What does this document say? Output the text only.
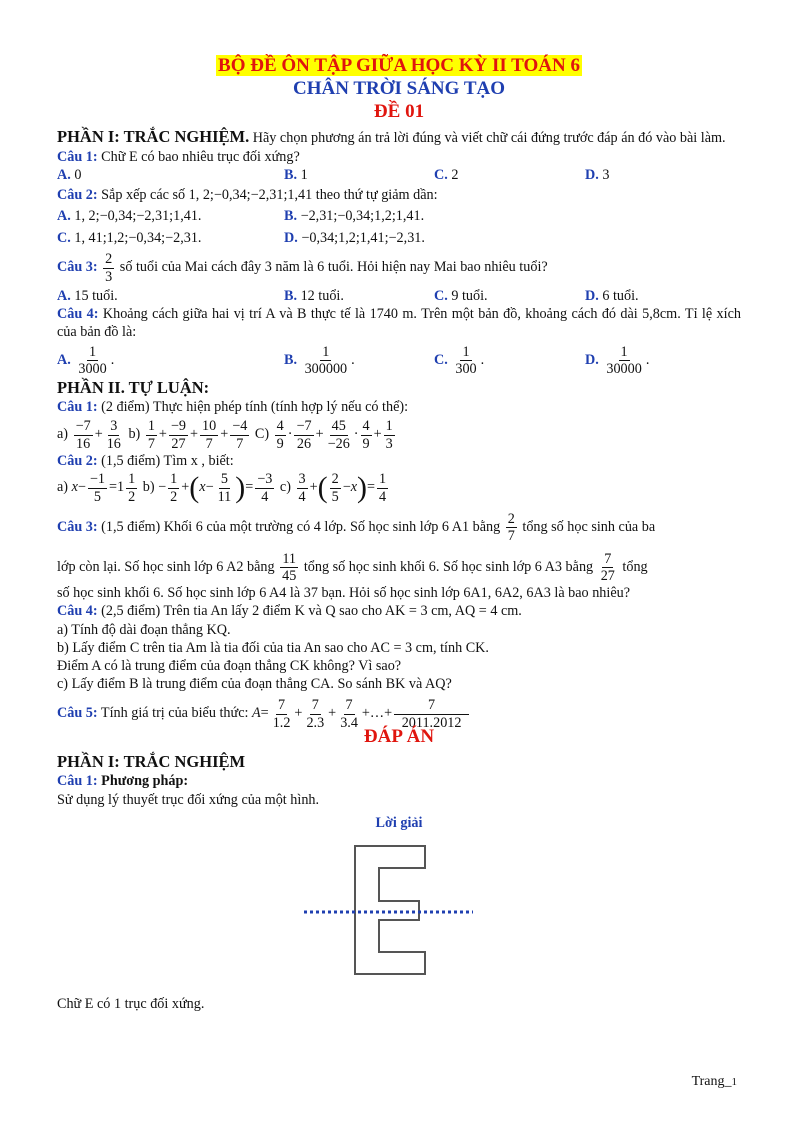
BỘ ĐỀ ÔN TẬP GIỮA HỌC KỲ II TOÁN 6
CHÂN TRỜI SÁNG TẠO
ĐỀ 01
PHẦN I: TRẮC NGHIỆM. Hãy chọn phương án trả lời đúng và viết chữ cái đứng trước đáp án đó vào bài làm.
Câu 1: Chữ E có bao nhiêu trục đối xứng?
A. 0	B. 1	C. 2	D. 3
Câu 2: Sắp xếp các số 1, 2;−0,34;−2,31;1,41 theo thứ tự giảm dần:
A. 1, 2;−0,34;−2,31;1,41.	B. −2,31;−0,34;1,2;1,41.
C. 1, 41;1,2;−0,34;−2,31.	D. −0,34;1,2;1,41;−2,31.
Câu 3: $\frac{2}{3}$ số tuổi của Mai cách đây 3 năm là 6 tuổi. Hỏi hiện nay Mai bao nhiêu tuổi?
A. 15 tuổi.	B. 12 tuổi.	C. 9 tuổi.	D. 6 tuổi.
Câu 4: Khoảng cách giữa hai vị trí A và B thực tế là 1740 m. Trên một bản đồ, khoảng cách đó dài 5,8cm. Tỉ lệ xích của bản đồ là:
A. $\frac{1}{3000}$ .	B. $\frac{1}{300000}$ .	C. $\frac{1}{300}$ .	D. $\frac{1}{30000}$ .
PHẦN II. TỰ LUẬN:
Câu 1: (2 điểm) Thực hiện phép tính (tính hợp lý nếu có thể):
$a) \frac{-7}{16} + \frac{3}{16} b) \frac{1}{7} + \frac{-9}{27} + \frac{10}{7} + \frac{-4}{7} C) \frac{4}{9} \cdot \frac{-7}{26} + \frac{45}{-26} \cdot \frac{4}{9} + \frac{1}{3}$
Câu 2: (1,5 điểm) Tìm x , biết:
a) $x- \frac{-1}{5} =1 \frac{1}{2} b) - \frac{1}{2} +(x- \frac{5}{11}$ )= $\frac{-3}{4} c) \frac{3}{4}$ +( $\frac{2}{5} -x)= \frac{1}{4}$
Câu 3: (1,5 điểm) Khối 6 của một trường có 4 lớp. Số học sinh lớp 6 A1 bằng $\frac{2}{7}$ tổng số học sinh của ba
lớp còn lại. Số học sinh lớp 6 A2 bằng $\frac{11}{45}$ tổng số học sinh khối 6. Số học sinh lớp 6 A3 bằng $\frac{7}{27}$ tổng
số học sinh khối 6. Số học sinh lớp 6 A4 là 37 bạn. Hỏi số học sinh lớp 6A1, 6A2, 6A3 là bao nhiêu?
Câu 4: (2,5 điểm) Trên tia An lấy 2 điểm K và Q sao cho AK = 3 cm, AQ = 4 cm.
a) Tính độ dài đoạn thẳng KQ.
b) Lấy điểm C trên tia Am là tia đối của tia An sao cho AC = 3 cm, tính CK.
Điểm A có là trung điểm của đoạn thẳng CK không? Vì sao?
c) Lấy điểm B là trung điểm của đoạn thẳng CA. So sánh BK và AQ?
Câu 5: Tính giá trị của biểu thức: $A= \frac{7}{1.2} + \frac{7}{2.3} + \frac{7}{3.4}$ +…+ $\frac{7}{2011.2012}$
ĐÁP ÁN
PHẦN I: TRẮC NGHIỆM
Câu 1: Phương pháp:
Sử dụng lý thuyết trục đối xứng của một hình.
Lời giải
Chữ E có 1 trục đối xứng.
Trang_1
